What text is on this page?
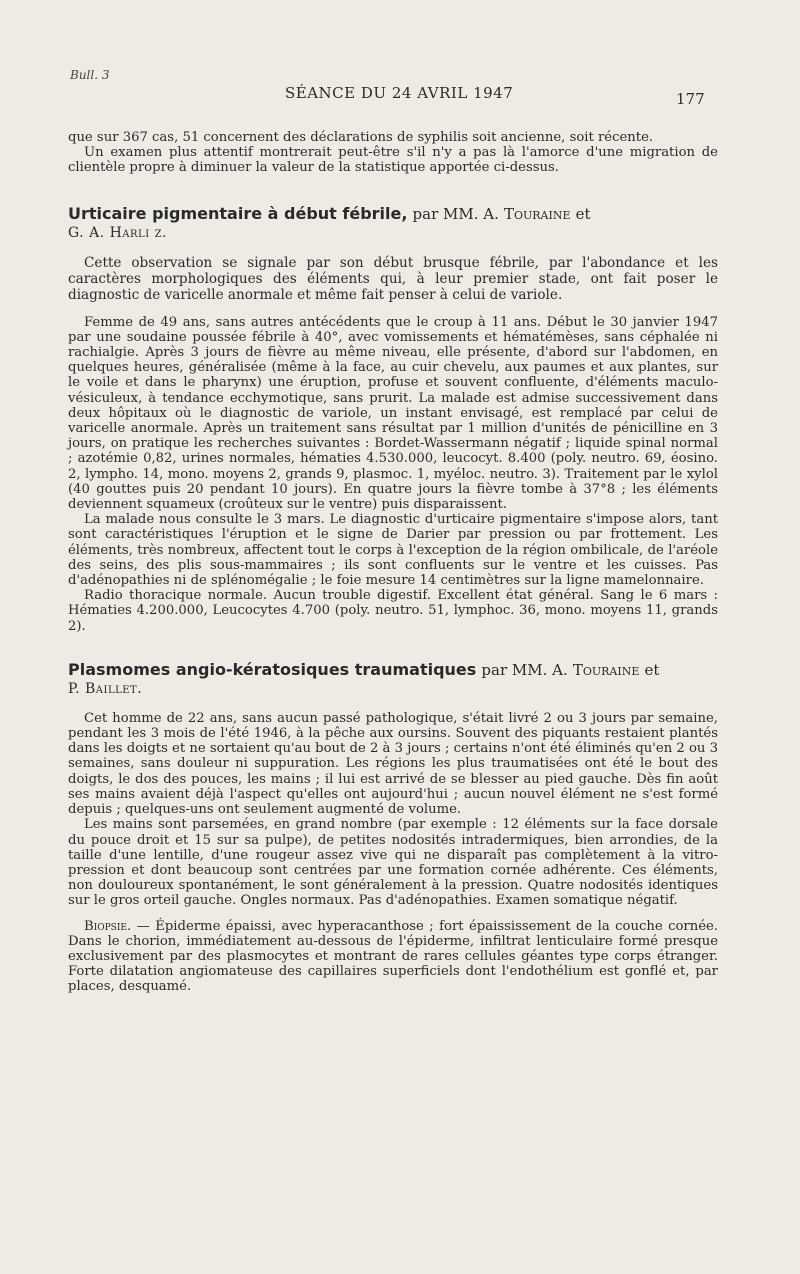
Bull. 3
SÉANCE DU 24 AVRIL 1947	177

que sur 367 cas, 51 concernent des déclarations de syphilis soit ancienne, soit récente.

Un examen plus attentif montrerait peut-être s'il n'y a pas là l'amorce d'une migration de clientèle propre à diminuer la valeur de la statistique apportée ci-dessus.

Urticaire pigmentaire à début fébrile, par MM. A. Touraine et
G. A. Harli z.

Cette observation se signale par son début brusque fébrile, par l'abondance et les caractères morphologiques des éléments qui, à leur premier stade, ont fait poser le diagnostic de varicelle anormale et même fait penser à celui de variole.

Femme de 49 ans, sans autres antécédents que le croup à 11 ans. Début le 30 janvier 1947 par une soudaine poussée fébrile à 40°, avec vomissements et hématémèses, sans céphalée ni rachialgie. Après 3 jours de fièvre au même niveau, elle présente, d'abord sur l'abdomen, en quelques heures, généralisée (même à la face, au cuir chevelu, aux paumes et aux plantes, sur le voile et dans le pharynx) une éruption, profuse et souvent confluente, d'éléments maculo-vésiculeux, à tendance ecchymotique, sans prurit. La malade est admise successivement dans deux hôpitaux où le diagnostic de variole, un instant envisagé, est remplacé par celui de varicelle anormale. Après un traitement sans résultat par 1 million d'unités de pénicilline en 3 jours, on pratique les recherches suivantes : Bordet-Wassermann négatif ; liquide spinal normal ; azotémie 0,82, urines normales, hématies 4.530.000, leucocyt. 8.400 (poly. neutro. 69, éosino. 2, lympho. 14, mono. moyens 2, grands 9, plasmoc. 1, myéloc. neutro. 3). Traitement par le xylol (40 gouttes puis 20 pendant 10 jours). En quatre jours la fièvre tombe à 37°8 ; les éléments deviennent squameux (croûteux sur le ventre) puis disparaissent.

La malade nous consulte le 3 mars. Le diagnostic d'urticaire pigmentaire s'impose alors, tant sont caractéristiques l'éruption et le signe de Darier par pression ou par frottement. Les éléments, très nombreux, affectent tout le corps à l'exception de la région ombilicale, de l'aréole des seins, des plis sous-mammaires ; ils sont confluents sur le ventre et les cuisses. Pas d'adénopathies ni de splénomégalie ; le foie mesure 14 centimètres sur la ligne mamelonnaire.

Radio thoracique normale. Aucun trouble digestif. Excellent état général. Sang le 6 mars : Hématies 4.200.000, Leucocytes 4.700 (poly. neutro. 51, lymphoc. 36, mono. moyens 11, grands 2).

Plasmomes angio-kératosiques traumatiques par MM. A. Touraine et
P. Baillet.

Cet homme de 22 ans, sans aucun passé pathologique, s'était livré 2 ou 3 jours par semaine, pendant les 3 mois de l'été 1946, à la pêche aux oursins. Souvent des piquants restaient plantés dans les doigts et ne sortaient qu'au bout de 2 à 3 jours ; certains n'ont été éliminés qu'en 2 ou 3 semaines, sans douleur ni suppuration. Les régions les plus traumatisées ont été le bout des doigts, le dos des pouces, les mains ; il lui est arrivé de se blesser au pied gauche. Dès fin août ses mains avaient déjà l'aspect qu'elles ont aujourd'hui ; aucun nouvel élément ne s'est formé depuis ; quelques-uns ont seulement augmenté de volume.

Les mains sont parsemées, en grand nombre (par exemple : 12 éléments sur la face dorsale du pouce droit et 15 sur sa pulpe), de petites nodosités intradermiques, bien arrondies, de la taille d'une lentille, d'une rougeur assez vive qui ne disparaît pas complètement à la vitro-pression et dont beaucoup sont centrées par une formation cornée adhérente. Ces éléments, non douloureux spontanément, le sont généralement à la pression. Quatre nodosités identiques sur le gros orteil gauche. Ongles normaux. Pas d'adénopathies. Examen somatique négatif.

Biopsie. — Épiderme épaissi, avec hyperacanthose ; fort épaississement de la couche cornée. Dans le chorion, immédiatement au-dessous de l'épiderme, infiltrat lenticulaire formé presque exclusivement par des plasmocytes et montrant de rares cellules géantes type corps étranger. Forte dilatation angiomateuse des capillaires superficiels dont l'endothélium est gonflé et, par places, desquamé.
